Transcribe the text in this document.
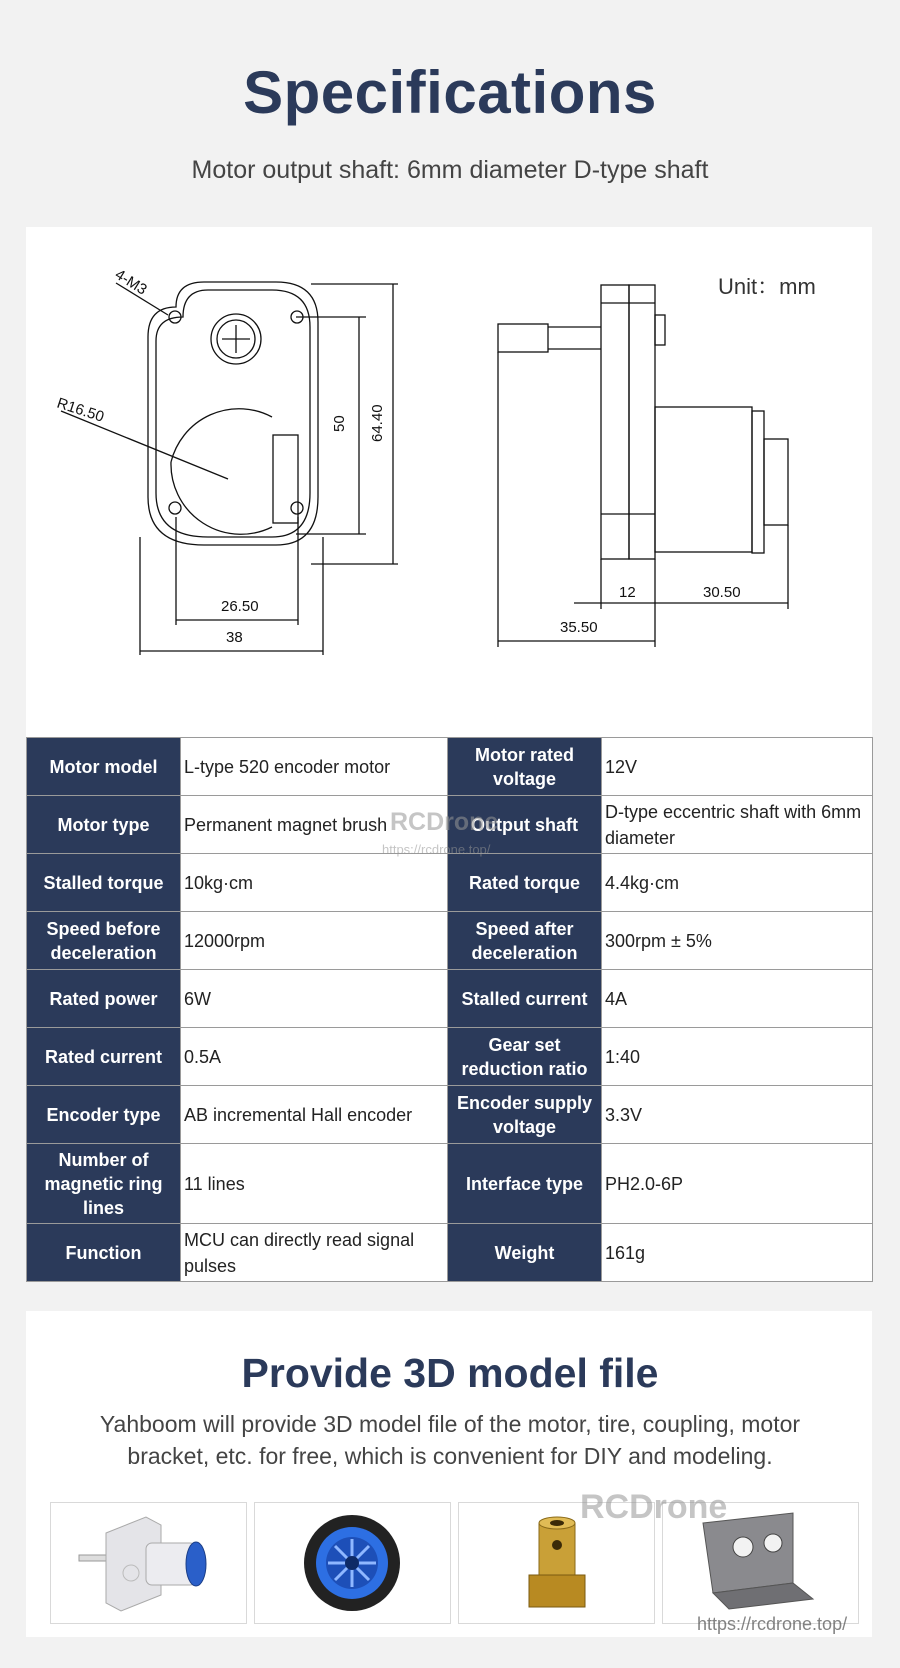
Specifications
Motor output shaft: 6mm diameter D-type shaft
4-M3
R16.50	50 64.40
26.50
38
12	30.50
35.50
Unit：mm
Motor model	L-type 520 encoder motor	Motor rated voltage	12V
Motor type	Permanent magnet brush	Output shaft	D-type eccentric shaft with 6mm diameter
Stalled torque	10kg·cm	Rated torque	4.4kg·cm
Speed before deceleration	12000rpm	Speed after deceleration	300rpm ± 5%
Rated power	6W	Stalled current	4A
Rated current	0.5A	Gear set reduction ratio	1:40
Encoder type	AB incremental Hall encoder	Encoder supply voltage	3.3V
Number of magnetic ring lines	11 lines	Interface type	PH2.0-6P
Function	MCU can directly read signal pulses	Weight	161g
RCDrone
https://rcdrone.top/
Provide 3D model file
Yahboom will provide 3D model file of the motor, tire, coupling, motor bracket, etc. for free, which is convenient for DIY and modeling.
RCDrone
https://rcdrone.top/
